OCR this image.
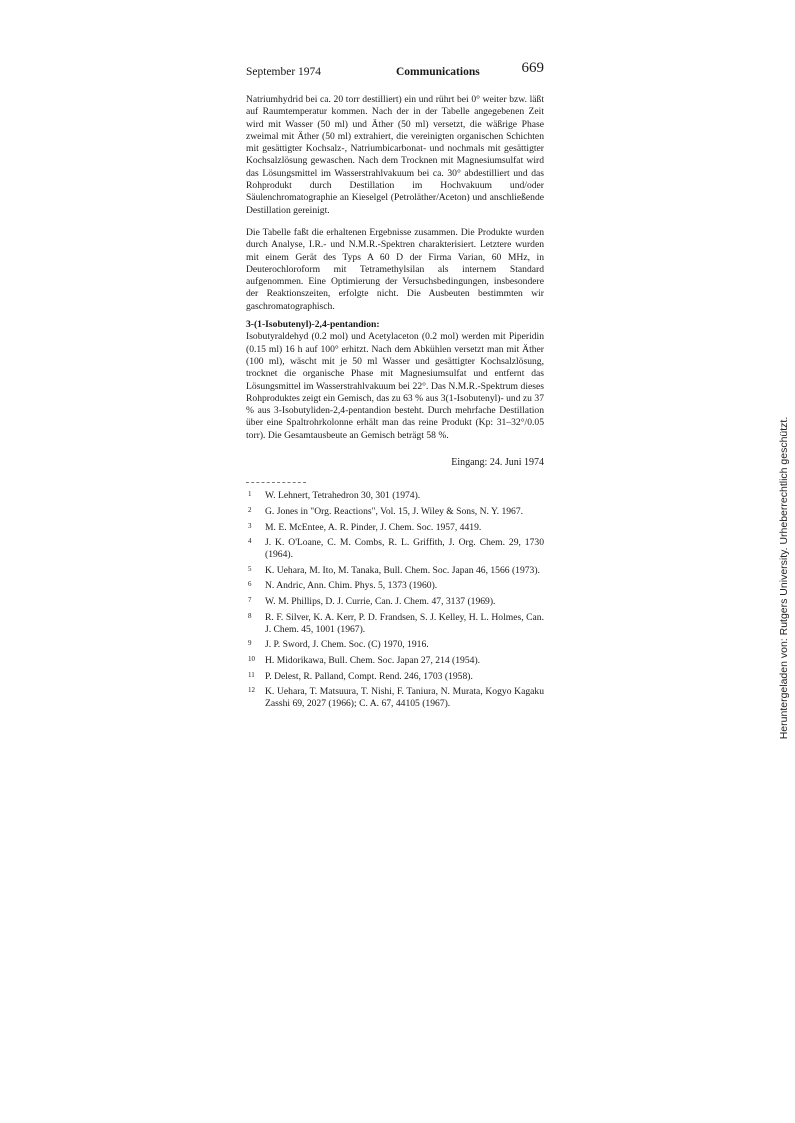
September 1974	Communications	669

Natriumhydrid bei ca. 20 torr destilliert) ein und rührt bei 0° weiter bzw. läßt auf Raumtemperatur kommen. Nach der in der Tabelle angegebenen Zeit wird mit Wasser (50 ml) und Äther (50 ml) versetzt, die wäßrige Phase zweimal mit Äther (50 ml) extrahiert, die vereinigten organischen Schichten mit gesättigter Kochsalz-, Natriumbicarbonat- und nochmals mit gesättigter Kochsalzlösung gewaschen. Nach dem Trocknen mit Magnesiumsulfat wird das Lösungsmittel im Wasserstrahlvakuum bei ca. 30° abdestilliert und das Rohprodukt durch Destillation im Hochvakuum und/oder Säulenchromatographie an Kieselgel (Petroläther/Aceton) und anschließende Destillation gereinigt.

Die Tabelle faßt die erhaltenen Ergebnisse zusammen. Die Produkte wurden durch Analyse, I.R.- und N.M.R.-Spektren charakterisiert. Letztere wurden mit einem Gerät des Typs A 60 D der Firma Varian, 60 MHz, in Deuterochloroform mit Tetramethylsilan als internem Standard aufgenommen. Eine Optimierung der Versuchsbedingungen, insbesondere der Reaktionszeiten, erfolgte nicht. Die Ausbeuten bestimmten wir gaschromatographisch.

3-(1-Isobutenyl)-2,4-pentandion:

Isobutyraldehyd (0.2 mol) und Acetylaceton (0.2 mol) werden mit Piperidin (0.15 ml) 16 h auf 100° erhitzt. Nach dem Abkühlen versetzt man mit Äther (100 ml), wäscht mit je 50 ml Wasser und gesättigter Kochsalzlösung, trocknet die organische Phase mit Magnesiumsulfat und entfernt das Lösungsmittel im Wasserstrahlvakuum bei 22°. Das N.M.R.-Spektrum dieses Rohproduktes zeigt ein Gemisch, das zu 63 % aus 3(1-Isobutenyl)- und zu 37 % aus 3-Isobutyliden-2,4-pentandion besteht. Durch mehrfache Destillation über eine Spaltrohrkolonne erhält man das reine Produkt (Kp: 31–32°/0.05 torr). Die Gesamtausbeute an Gemisch beträgt 58 %.

Eingang: 24. Juni 1974
1 W. Lehnert, Tetrahedron 30, 301 (1974).
2 G. Jones in "Org. Reactions", Vol. 15, J. Wiley & Sons, N. Y. 1967.
3 M. E. McEntee, A. R. Pinder, J. Chem. Soc. 1957, 4419.
4 J. K. O'Loane, C. M. Combs, R. L. Griffith, J. Org. Chem. 29, 1730 (1964).
5 K. Uehara, M. Ito, M. Tanaka, Bull. Chem. Soc. Japan 46, 1566 (1973).
6 N. Andric, Ann. Chim. Phys. 5, 1373 (1960).
7 W. M. Phillips, D. J. Currie, Can. J. Chem. 47, 3137 (1969).
8 R. F. Silver, K. A. Kerr, P. D. Frandsen, S. J. Kelley, H. L. Holmes, Can. J. Chem. 45, 1001 (1967).
9 J. P. Sword, J. Chem. Soc. (C) 1970, 1916.
10 H. Midorikawa, Bull. Chem. Soc. Japan 27, 214 (1954).
11 P. Delest, R. Palland, Compt. Rend. 246, 1703 (1958).
12 K. Uehara, T. Matsuura, T. Nishi, F. Taniura, N. Murata, Kogyo Kagaku Zasshi 69, 2027 (1966); C. A. 67, 44105 (1967).	Heruntergeladen von: Rutgers University. Urheberrechtlich geschützt.
